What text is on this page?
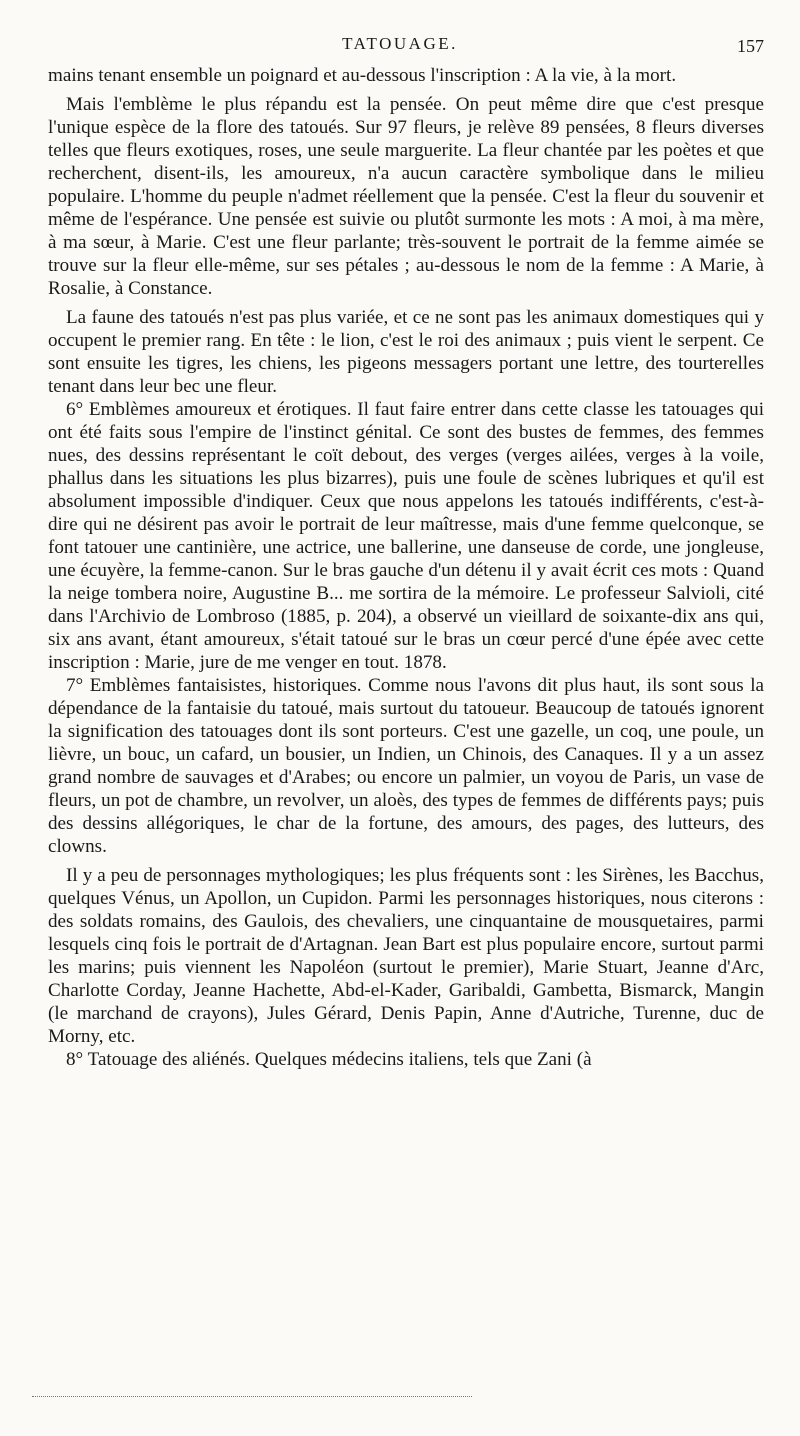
TATOUAGE.	157

mains tenant ensemble un poignard et au-dessous l'inscription : A la vie, à la mort.

Mais l'emblème le plus répandu est la pensée. On peut même dire que c'est presque l'unique espèce de la flore des tatoués. Sur 97 fleurs, je relève 89 pensées, 8 fleurs diverses telles que fleurs exotiques, roses, une seule marguerite. La fleur chantée par les poètes et que recherchent, disent-ils, les amoureux, n'a aucun caractère symbolique dans le milieu populaire. L'homme du peuple n'admet réellement que la pensée. C'est la fleur du souvenir et même de l'espérance. Une pensée est suivie ou plutôt surmonte les mots : A moi, à ma mère, à ma sœur, à Marie. C'est une fleur parlante; très-souvent le portrait de la femme aimée se trouve sur la fleur elle-même, sur ses pétales ; au-dessous le nom de la femme : A Marie, à Rosalie, à Constance.

La faune des tatoués n'est pas plus variée, et ce ne sont pas les animaux domestiques qui y occupent le premier rang. En tête : le lion, c'est le roi des animaux ; puis vient le serpent. Ce sont ensuite les tigres, les chiens, les pigeons messagers portant une lettre, des tourterelles tenant dans leur bec une fleur.

6° Emblèmes amoureux et érotiques. Il faut faire entrer dans cette classe les tatouages qui ont été faits sous l'empire de l'instinct génital. Ce sont des bustes de femmes, des femmes nues, des dessins représentant le coït debout, des verges (verges ailées, verges à la voile, phallus dans les situations les plus bizarres), puis une foule de scènes lubriques et qu'il est absolument impossible d'indiquer. Ceux que nous appelons les tatoués indifférents, c'est-à-dire qui ne désirent pas avoir le portrait de leur maîtresse, mais d'une femme quelconque, se font tatouer une cantinière, une actrice, une ballerine, une danseuse de corde, une jongleuse, une écuyère, la femme-canon. Sur le bras gauche d'un détenu il y avait écrit ces mots : Quand la neige tombera noire, Augustine B... me sortira de la mémoire. Le professeur Salvioli, cité dans l'Archivio de Lombroso (1885, p. 204), a observé un vieillard de soixante-dix ans qui, six ans avant, étant amoureux, s'était tatoué sur le bras un cœur percé d'une épée avec cette inscription : Marie, jure de me venger en tout. 1878.

7° Emblèmes fantaisistes, historiques. Comme nous l'avons dit plus haut, ils sont sous la dépendance de la fantaisie du tatoué, mais surtout du tatoueur. Beaucoup de tatoués ignorent la signification des tatouages dont ils sont porteurs. C'est une gazelle, un coq, une poule, un lièvre, un bouc, un cafard, un bousier, un Indien, un Chinois, des Canaques. Il y a un assez grand nombre de sauvages et d'Arabes; ou encore un palmier, un voyou de Paris, un vase de fleurs, un pot de chambre, un revolver, un aloès, des types de femmes de différents pays; puis des dessins allégoriques, le char de la fortune, des amours, des pages, des lutteurs, des clowns.

Il y a peu de personnages mythologiques; les plus fréquents sont : les Sirènes, les Bacchus, quelques Vénus, un Apollon, un Cupidon. Parmi les personnages historiques, nous citerons : des soldats romains, des Gaulois, des chevaliers, une cinquantaine de mousquetaires, parmi lesquels cinq fois le portrait de d'Artagnan. Jean Bart est plus populaire encore, surtout parmi les marins; puis viennent les Napoléon (surtout le premier), Marie Stuart, Jeanne d'Arc, Charlotte Corday, Jeanne Hachette, Abd-el-Kader, Garibaldi, Gambetta, Bismarck, Mangin (le marchand de crayons), Jules Gérard, Denis Papin, Anne d'Autriche, Turenne, duc de Morny, etc.

8° Tatouage des aliénés. Quelques médecins italiens, tels que Zani (à
